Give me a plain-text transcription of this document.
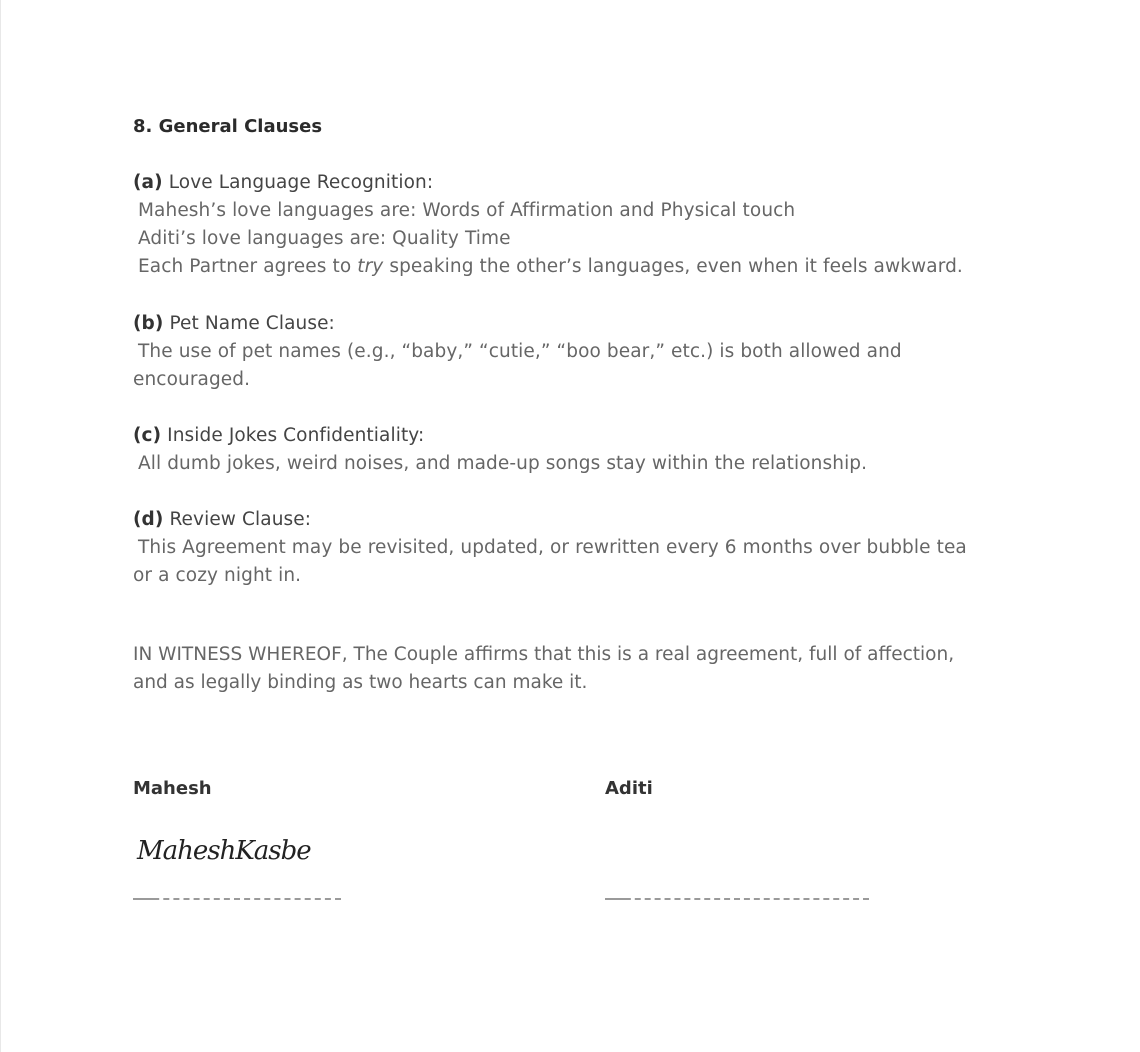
8. General Clauses
(a) Love Language Recognition:
Mahesh’s love languages are: Words of Affirmation and Physical touch
Aditi’s love languages are: Quality Time
Each Partner agrees to try speaking the other’s languages, even when it feels awkward.
(b) Pet Name Clause:
The use of pet names (e.g., “baby,” “cutie,” “boo bear,” etc.) is both allowed and
encouraged.
(c) Inside Jokes Confidentiality:
All dumb jokes, weird noises, and made-up songs stay within the relationship.
(d) Review Clause:
This Agreement may be revisited, updated, or rewritten every 6 months over bubble tea
or a cozy night in.
IN WITNESS WHEREOF, The Couple affirms that this is a real agreement, full of affection,
and as legally binding as two hearts can make it.
Mahesh	Aditi
MaheshKasbe
